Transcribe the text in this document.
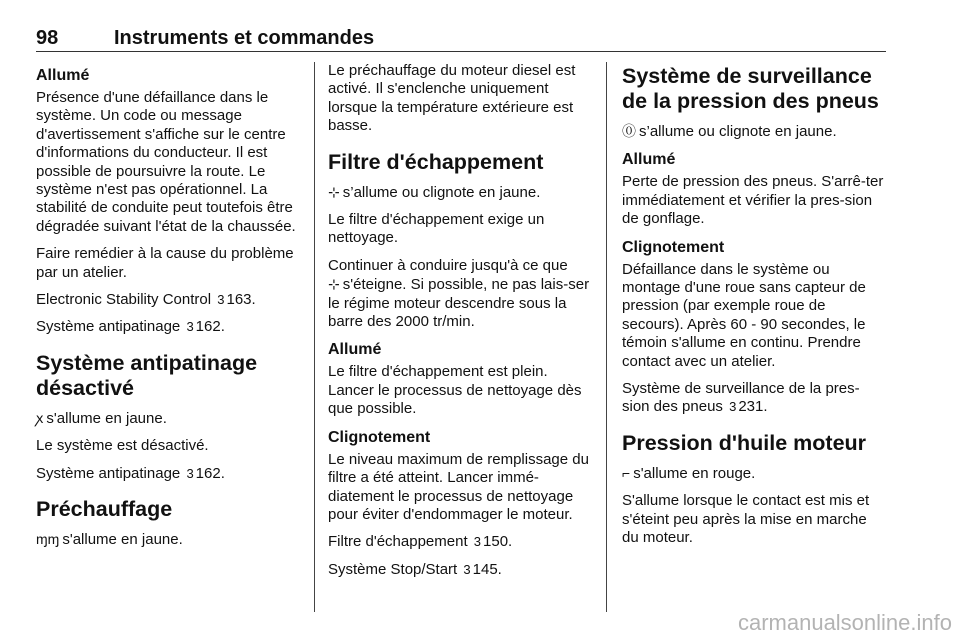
98	Instruments et commandes
Allumé

Présence d'une défaillance dans le système. Un code ou message d'avertissement s'affiche sur le centre d'informations du conducteur. Il est possible de poursuivre la route. Le système n'est pas opérationnel. La stabilité de conduite peut toutefois être dégradée suivant l'état de la chaussée.

Faire remédier à la cause du problème par un atelier.

Electronic Stability Control 3 163.

Système antipatinage 3 162.

Système antipatinage désactivé

ꭗ s'allume en jaune.

Le système est désactivé.

Système antipatinage 3 162.

Préchauffage

ɱɱ s'allume en jaune.

Le préchauffage du moteur diesel est activé. Il s'enclenche uniquement lorsque la température extérieure est basse.

Filtre d'échappement

⊹ s’allume ou clignote en jaune.

Le filtre d'échappement exige un nettoyage.

Continuer à conduire jusqu'à ce que
⊹ s'éteigne. Si possible, ne pas lais-ser le régime moteur descendre sous la barre des 2000 tr/min.

Allumé

Le filtre d'échappement est plein. Lancer le processus de nettoyage dès que possible.

Clignotement

Le niveau maximum de remplissage du filtre a été atteint. Lancer immé-diatement le processus de nettoyage pour éviter d'endommager le moteur.

Filtre d'échappement 3 150.

Système Stop/Start 3 145.

Système de surveillance de la pression des pneus

⓪ s’allume ou clignote en jaune.

Allumé

Perte de pression des pneus. S'arrê-ter immédiatement et vérifier la pres-sion de gonflage.

Clignotement

Défaillance dans le système ou montage d'une roue sans capteur de pression (par exemple roue de secours). Après 60 - 90 secondes, le témoin s'allume en continu. Prendre contact avec un atelier.

Système de surveillance de la pres-sion des pneus 3 231.

Pression d'huile moteur

⌐ s'allume en rouge.

S'allume lorsque le contact est mis et s'éteint peu après la mise en marche du moteur.

carmanualsonline.info
